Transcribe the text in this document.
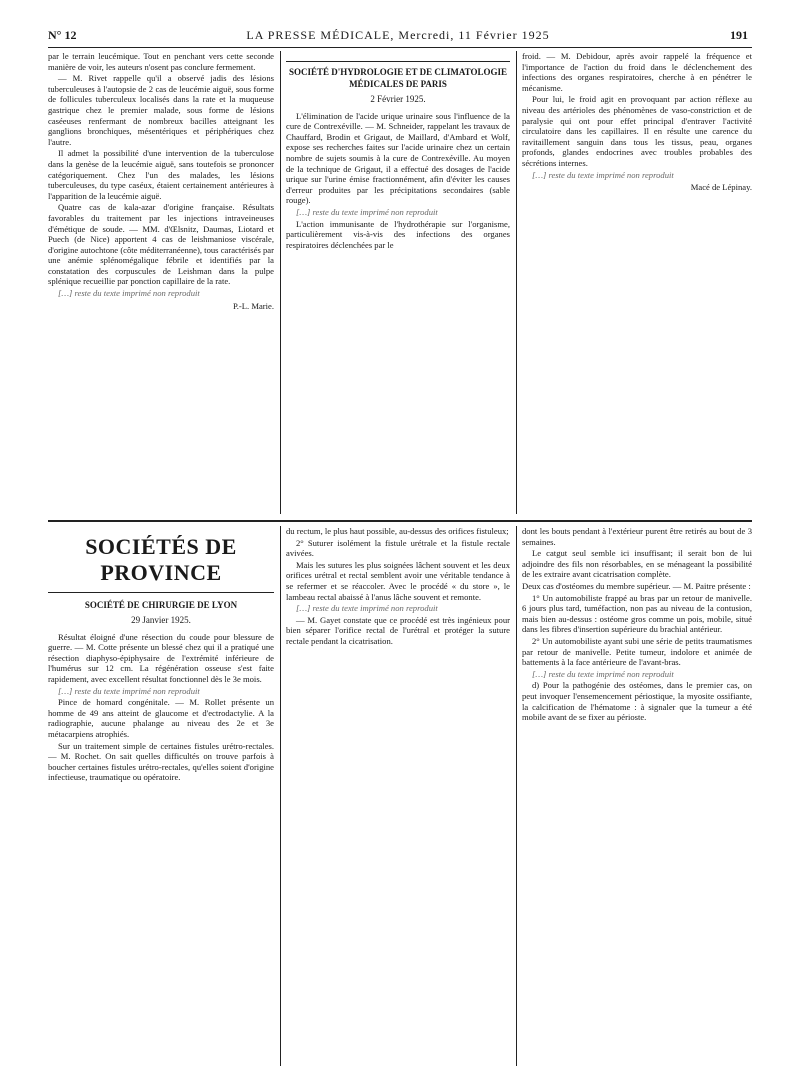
N° 12	LA PRESSE MÉDICALE, Mercredi, 11 Février 1925	191

par le terrain leucémique. Tout en penchant vers cette seconde manière de voir, les auteurs n'osent pas conclure fermement.

— M. Rivet rappelle qu'il a observé jadis des lésions tuberculeuses à l'autopsie de 2 cas de leucémie aiguë, sous forme de follicules tuberculeux localisés dans la rate et la muqueuse gastrique chez le premier malade, sous forme de lésions caséeuses renfermant de nombreux bacilles atteignant les ganglions bronchiques, mésentériques et périphériques chez l'autre.

Il admet la possibilité d'une intervention de la tuberculose dans la genèse de la leucémie aiguë, sans toutefois se prononcer catégoriquement. Chez l'un des malades, les lésions tuberculeuses, du type caséux, étaient certainement antérieures à l'apparition de la leucémie aiguë.

Quatre cas de kala-azar d'origine française. Résultats favorables du traitement par les injections intraveineuses d'émétique de soude. — MM. d'Œlsnitz, Daumas, Liotard et Puech (de Nice) apportent 4 cas de leishmaniose viscérale, d'origine autochtone (côte méditerranéenne), tous caractérisés par une anémie splénomégalique fébrile et identifiés par la constatation des corpuscules de Leishman dans la pulpe splénique recueillie par ponction capillaire de la rate.

[…] reste du texte imprimé non reproduit

P.-L. Marie.
SOCIÉTÉ D'HYDROLOGIE ET DE CLIMATOLOGIE MÉDICALES DE PARIS
2 Février 1925.

L'élimination de l'acide urique urinaire sous l'influence de la cure de Contrexéville. — M. Schneider, rappelant les travaux de Chauffard, Brodin et Grigaut, de Maillard, d'Ambard et Wolf, expose ses recherches faites sur l'acide urinaire chez un certain nombre de sujets soumis à la cure de Contrexéville. Au moyen de la technique de Grigaut, il a effectué des dosages de l'acide urique sur l'urine émise fractionnément, afin d'éviter les causes d'erreur produites par les précipitations secondaires (sable rouge).

[…] reste du texte imprimé non reproduit

L'action immunisante de l'hydrothérapie sur l'organisme, particulièrement vis-à-vis des infections des organes respiratoires déclenchées par le

froid. — M. Debidour, après avoir rappelé la fréquence et l'importance de l'action du froid dans le déclenchement des infections des organes respiratoires, cherche à en pénétrer le mécanisme.

Pour lui, le froid agit en provoquant par action réflexe au niveau des artérioles des phénomènes de vaso-constriction et de paralysie qui ont pour effet principal d'entraver l'activité circulatoire dans les capillaires. Il en résulte une carence du ravitaillement sanguin dans tous les tissus, peau, organes profonds, glandes endocrines avec troubles probables des sécrétions internes.

[…] reste du texte imprimé non reproduit

Macé de Lépinay.
SOCIÉTÉS DE PROVINCE
SOCIÉTÉ DE CHIRURGIE DE LYON
29 Janvier 1925.

Résultat éloigné d'une résection du coude pour blessure de guerre. — M. Cotte présente un blessé chez qui il a pratiqué une résection diaphyso-épiphysaire de l'extrémité inférieure de l'humérus sur 12 cm. La régénération osseuse s'est faite rapidement, avec excellent résultat fonctionnel dès le 3e mois.

[…] reste du texte imprimé non reproduit

Pince de homard congénitale. — M. Rollet présente un homme de 49 ans atteint de glaucome et d'ectrodactylie. A la radiographie, aucune phalange au niveau des 2e et 3e métacarpiens atrophiés.

Sur un traitement simple de certaines fistules urétro-rectales. — M. Rochet. On sait quelles difficultés on trouve parfois à boucher certaines fistules urétro-rectales, qu'elles soient d'origine infectieuse, traumatique ou opératoire.

du rectum, le plus haut possible, au-dessus des orifices fistuleux;

2° Suturer isolément la fistule urétrale et la fistule rectale avivées.

Mais les sutures les plus soignées lâchent souvent et les deux orifices urétral et rectal semblent avoir une véritable tendance à se refermer et se réaccoler. Avec le procédé « du store », le lambeau rectal abaissé à l'anus lâche souvent et remonte.

[…] reste du texte imprimé non reproduit

— M. Gayet constate que ce procédé est très ingénieux pour bien séparer l'orifice rectal de l'urétral et protéger la suture rectale pendant la cicatrisation.

dont les bouts pendant à l'extérieur purent être retirés au bout de 3 semaines.

Le catgut seul semble ici insuffisant; il serait bon de lui adjoindre des fils non résorbables, en se ménageant la possibilité de les extraire avant cicatrisation complète.

Deux cas d'ostéomes du membre supérieur. — M. Paitre présente :

1° Un automobiliste frappé au bras par un retour de manivelle. 6 jours plus tard, tuméfaction, non pas au niveau de la contusion, mais bien au-dessus : ostéome gros comme un pois, mobile, situé dans les fibres d'insertion supérieure du brachial antérieur.

2° Un automobiliste ayant subi une série de petits traumatismes par retour de manivelle. Petite tumeur, indolore et animée de battements à la face antérieure de l'avant-bras.

[…] reste du texte imprimé non reproduit

d) Pour la pathogénie des ostéomes, dans le premier cas, on peut invoquer l'ensemencement périostique, la myosite ossifiante, la calcification de l'hématome : à signaler que la tumeur a été mobile avant de se fixer au périoste.
